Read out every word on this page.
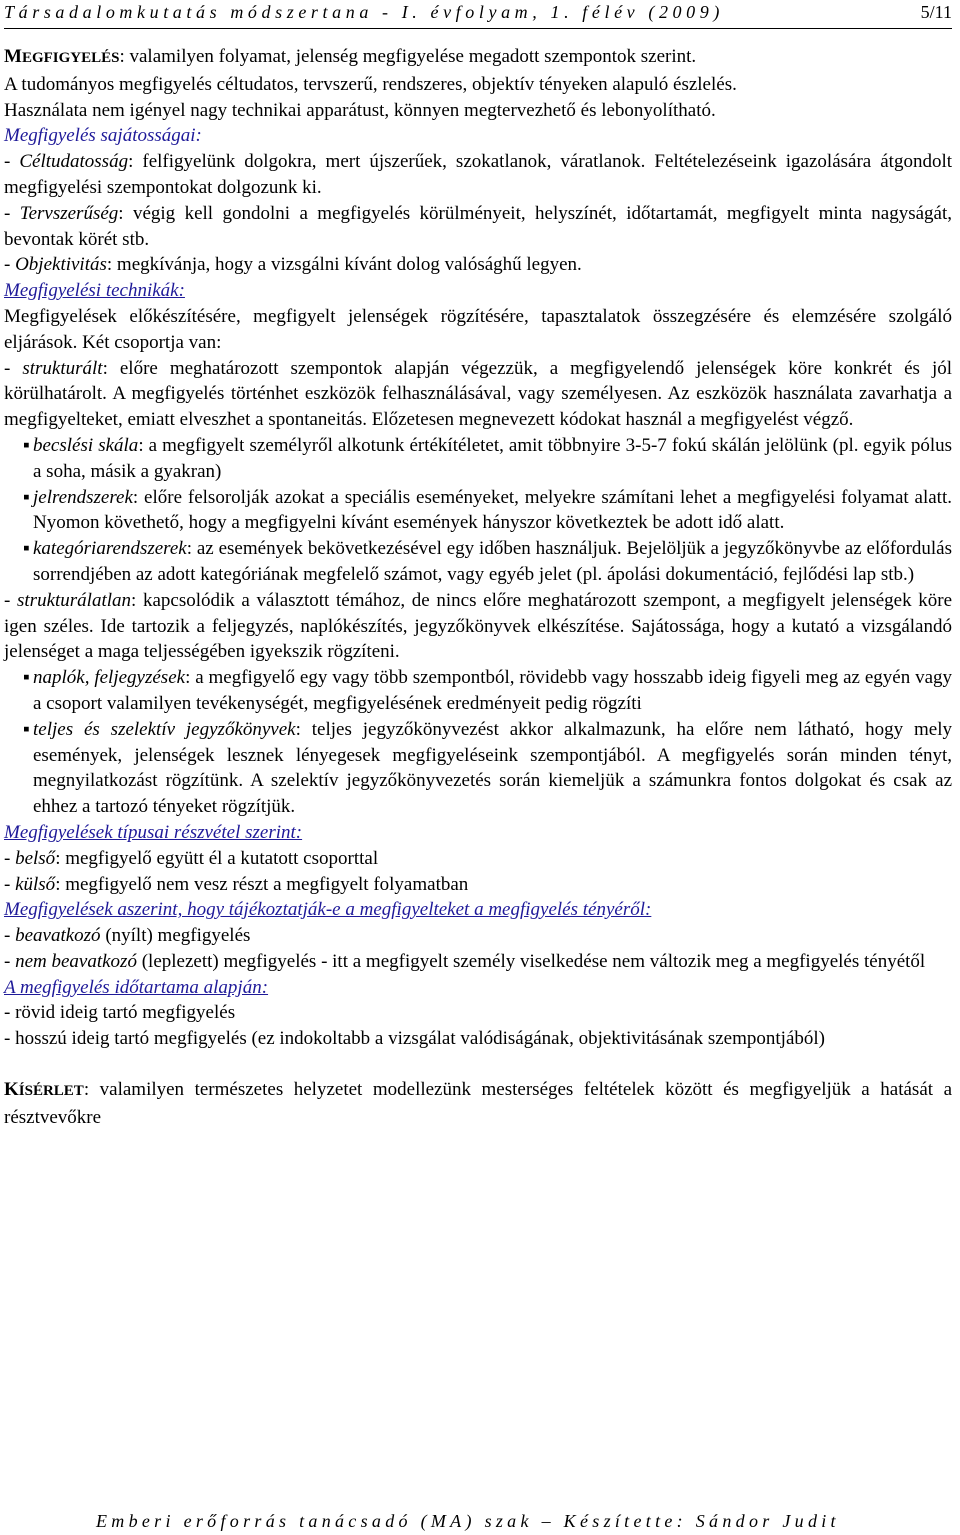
Társadalomkutatás módszertana - I. évfolyam, 1. félév (2009)	5/11

MEGFIGYELÉS: valamilyen folyamat, jelenség megfigyelése megadott szempontok szerint.

A tudományos megfigyelés céltudatos, tervszerű, rendszeres, objektív tényeken alapuló észlelés.

Használata nem igényel nagy technikai apparátust, könnyen megtervezhető és lebonyolítható.

Megfigyelés sajátosságai:

- Céltudatosság: felfigyelünk dolgokra, mert újszerűek, szokatlanok, váratlanok. Feltételezéseink igazolására átgondolt megfigyelési szempontokat dolgozunk ki.

- Tervszerűség: végig kell gondolni a megfigyelés körülményeit, helyszínét, időtartamát, megfigyelt minta nagyságát, bevontak körét stb.

- Objektivitás: megkívánja, hogy a vizsgálni kívánt dolog valósághű legyen.

Megfigyelési technikák:

Megfigyelések előkészítésére, megfigyelt jelenségek rögzítésére, tapasztalatok összegzésére és elemzésére szolgáló eljárások. Két csoportja van:

- strukturált: előre meghatározott szempontok alapján végezzük, a megfigyelendő jelenségek köre konkrét és jól körülhatárolt. A megfigyelés történhet eszközök felhasználásával, vagy személyesen. Az eszközök használata zavarhatja a megfigyelteket, emiatt elveszhet a spontaneitás. Előzetesen megnevezett kódokat használ a megfigyelést végző.

▪ becslési skála: a megfigyelt személyről alkotunk értékítéletet, amit többnyire 3-5-7 fokú skálán jelölünk (pl. egyik pólus a soha, másik a gyakran)
▪ jelrendszerek: előre felsorolják azokat a speciális eseményeket, melyekre számítani lehet a megfigyelési folyamat alatt. Nyomon követhető, hogy a megfigyelni kívánt események hányszor következtek be adott idő alatt.
▪ kategóriarendszerek: az események bekövetkezésével egy időben használjuk. Bejelöljük a jegyzőkönyvbe az előfordulás sorrendjében az adott kategóriának megfelelő számot, vagy egyéb jelet (pl. ápolási dokumentáció, fejlődési lap stb.)

- strukturálatlan: kapcsolódik a választott témához, de nincs előre meghatározott szempont, a megfigyelt jelenségek köre igen széles. Ide tartozik a feljegyzés, naplókészítés, jegyzőkönyvek elkészítése. Sajátossága, hogy a kutató a vizsgálandó jelenséget a maga teljességében igyekszik rögzíteni.

▪ naplók, feljegyzések: a megfigyelő egy vagy több szempontból, rövidebb vagy hosszabb ideig figyeli meg az egyén vagy a csoport valamilyen tevékenységét, megfigyelésének eredményeit pedig rögzíti
▪ teljes és szelektív jegyzőkönyvek: teljes jegyzőkönyvezést akkor alkalmazunk, ha előre nem látható, hogy mely események, jelenségek lesznek lényegesek megfigyeléseink szempontjából. A megfigyelés során minden tényt, megnyilatkozást rögzítünk. A szelektív jegyzőkönyvezetés során kiemeljük a számunkra fontos dolgokat és csak az ehhez a tartozó tényeket rögzítjük.

Megfigyelések típusai részvétel szerint:

- belső: megfigyelő együtt él a kutatott csoporttal

- külső: megfigyelő nem vesz részt a megfigyelt folyamatban

Megfigyelések aszerint, hogy tájékoztatják-e a megfigyelteket a megfigyelés tényéről:

- beavatkozó (nyílt) megfigyelés

- nem beavatkozó (leplezett) megfigyelés - itt a megfigyelt személy viselkedése nem változik meg a megfigyelés tényétől

A megfigyelés időtartama alapján:

- rövid ideig tartó megfigyelés

- hosszú ideig tartó megfigyelés (ez indokoltabb a vizsgálat valódiságának, objektivitásának szempontjából)

KÍSÉRLET: valamilyen természetes helyzetet modellezünk mesterséges feltételek között és megfigyeljük a hatását a résztvevőkre

Emberi erőforrás tanácsadó (MA) szak – Készítette: Sándor Judit
